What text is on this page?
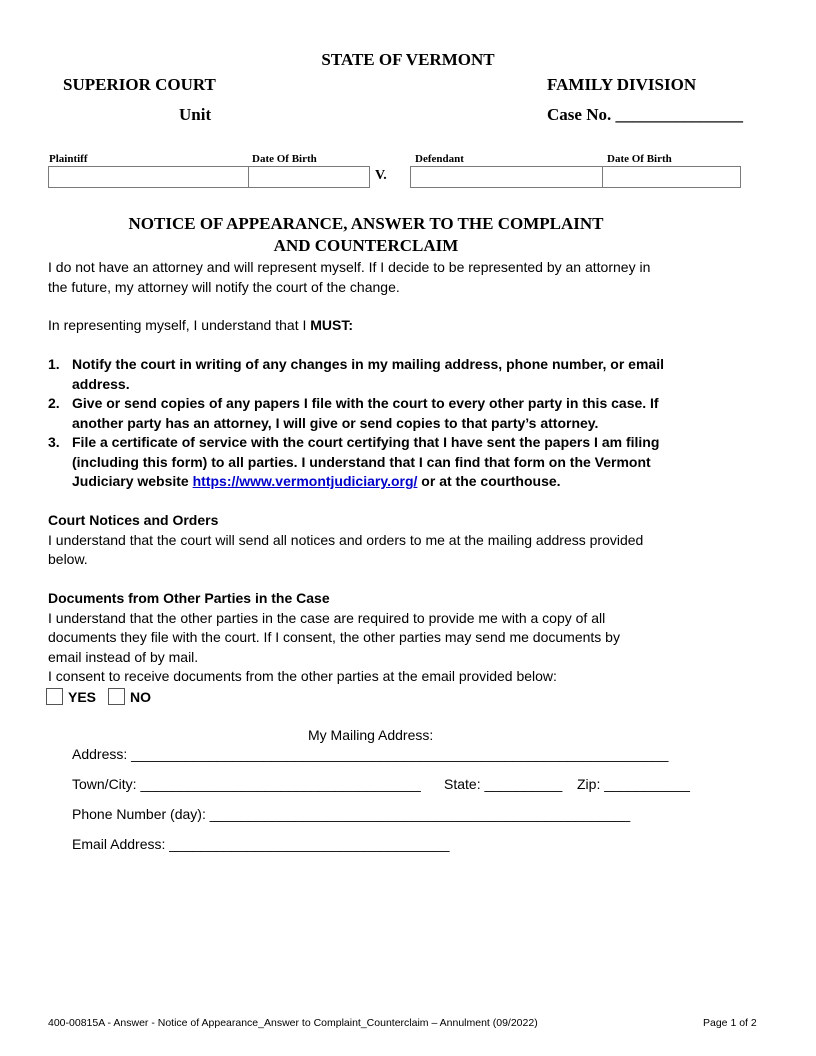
STATE OF VERMONT
SUPERIOR COURT	FAMILY DIVISION
Unit	Case No. _______________
Plaintiff	Date Of Birth	Defendant	Date Of Birth
V.
NOTICE OF APPEARANCE, ANSWER TO THE COMPLAINT
AND COUNTERCLAIM
I do not have an attorney and will represent myself. If I decide to be represented by an attorney in
the future, my attorney will notify the court of the change.
In representing myself, I understand that I MUST:
1. Notify the court in writing of any changes in my mailing address, phone number, or email
address.
2. Give or send copies of any papers I file with the court to every other party in this case. If
another party has an attorney, I will give or send copies to that party’s attorney.
3. File a certificate of service with the court certifying that I have sent the papers I am filing
(including this form) to all parties. I understand that I can find that form on the Vermont
Judiciary website https://www.vermontjudiciary.org/ or at the courthouse.
Court Notices and Orders
I understand that the court will send all notices and orders to me at the mailing address provided
below.
Documents from Other Parties in the Case
I understand that the other parties in the case are required to provide me with a copy of all
documents they file with the court. If I consent, the other parties may send me documents by
email instead of by mail.
I consent to receive documents from the other parties at the email provided below:
YES NO
My Mailing Address:
Address: _____________________________________________________________________
Town/City: ____________________________________ State: __________ Zip: ___________
Phone Number (day): ______________________________________________________
Email Address: ____________________________________
400-00815A - Answer - Notice of Appearance_Answer to Complaint_Counterclaim – Annulment (09/2022)	Page 1 of 2
